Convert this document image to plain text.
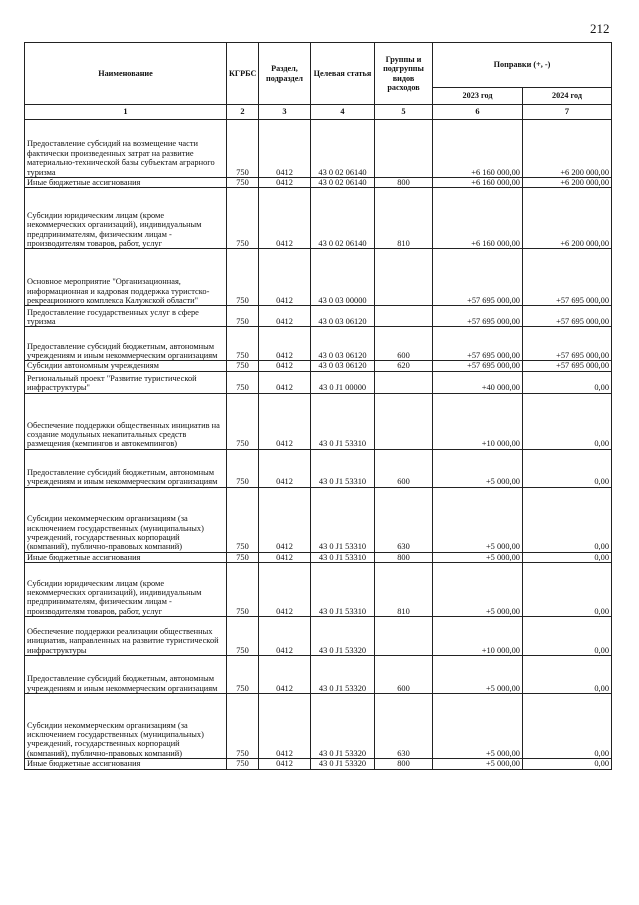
212
Наименование	КГРБС	Раздел, подраздел	Целевая статья	Группы и подгруппы видов расходов	Поправки (+, -)	
					2023 год	2024 год
1	2	3	4	5	6	7
Предоставление субсидий на возмещение части фактически произведенных затрат на развитие материально-технической базы субъектам аграрного туризма	750	0412	43 0 02 06140		+6 160 000,00	+6 200 000,00
Иные бюджетные ассигнования	750	0412	43 0 02 06140	800	+6 160 000,00	+6 200 000,00
Субсидии юридическим лицам (кроме некоммерческих организаций), индивидуальным предпринимателям, физическим лицам - производителям товаров, работ, услуг	750	0412	43 0 02 06140	810	+6 160 000,00	+6 200 000,00
Основное мероприятие "Организационная, информационная и кадровая поддержка туристско-рекреационного комплекса Калужской области"	750	0412	43 0 03 00000		+57 695 000,00	+57 695 000,00
Предоставление государственных услуг в сфере туризма	750	0412	43 0 03 06120		+57 695 000,00	+57 695 000,00
Предоставление субсидий бюджетным, автономным учреждениям и иным некоммерческим организациям	750	0412	43 0 03 06120	600	+57 695 000,00	+57 695 000,00
Субсидии автономным учреждениям	750	0412	43 0 03 06120	620	+57 695 000,00	+57 695 000,00
Региональный проект "Развитие туристической инфраструктуры"	750	0412	43 0 J1 00000		+40 000,00	0,00
Обеспечение поддержки общественных инициатив на создание модульных некапитальных средств размещения (кемпингов и автокемпингов)	750	0412	43 0 J1 53310		+10 000,00	0,00
Предоставление субсидий бюджетным, автономным учреждениям и иным некоммерческим организациям	750	0412	43 0 J1 53310	600	+5 000,00	0,00
Субсидии некоммерческим организациям (за исключением государственных (муниципальных) учреждений, государственных корпораций (компаний), публично-правовых компаний)	750	0412	43 0 J1 53310	630	+5 000,00	0,00
Иные бюджетные ассигнования	750	0412	43 0 J1 53310	800	+5 000,00	0,00
Субсидии юридическим лицам (кроме некоммерческих организаций), индивидуальным предпринимателям, физическим лицам - производителям товаров, работ, услуг	750	0412	43 0 J1 53310	810	+5 000,00	0,00
Обеспечение поддержки реализации общественных инициатив, направленных на развитие туристической инфраструктуры	750	0412	43 0 J1 53320		+10 000,00	0,00
Предоставление субсидий бюджетным, автономным учреждениям и иным некоммерческим организациям	750	0412	43 0 J1 53320	600	+5 000,00	0,00
Субсидии некоммерческим организациям (за исключением государственных (муниципальных) учреждений, государственных корпораций (компаний), публично-правовых компаний)	750	0412	43 0 J1 53320	630	+5 000,00	0,00
Иные бюджетные ассигнования	750	0412	43 0 J1 53320	800	+5 000,00	0,00
